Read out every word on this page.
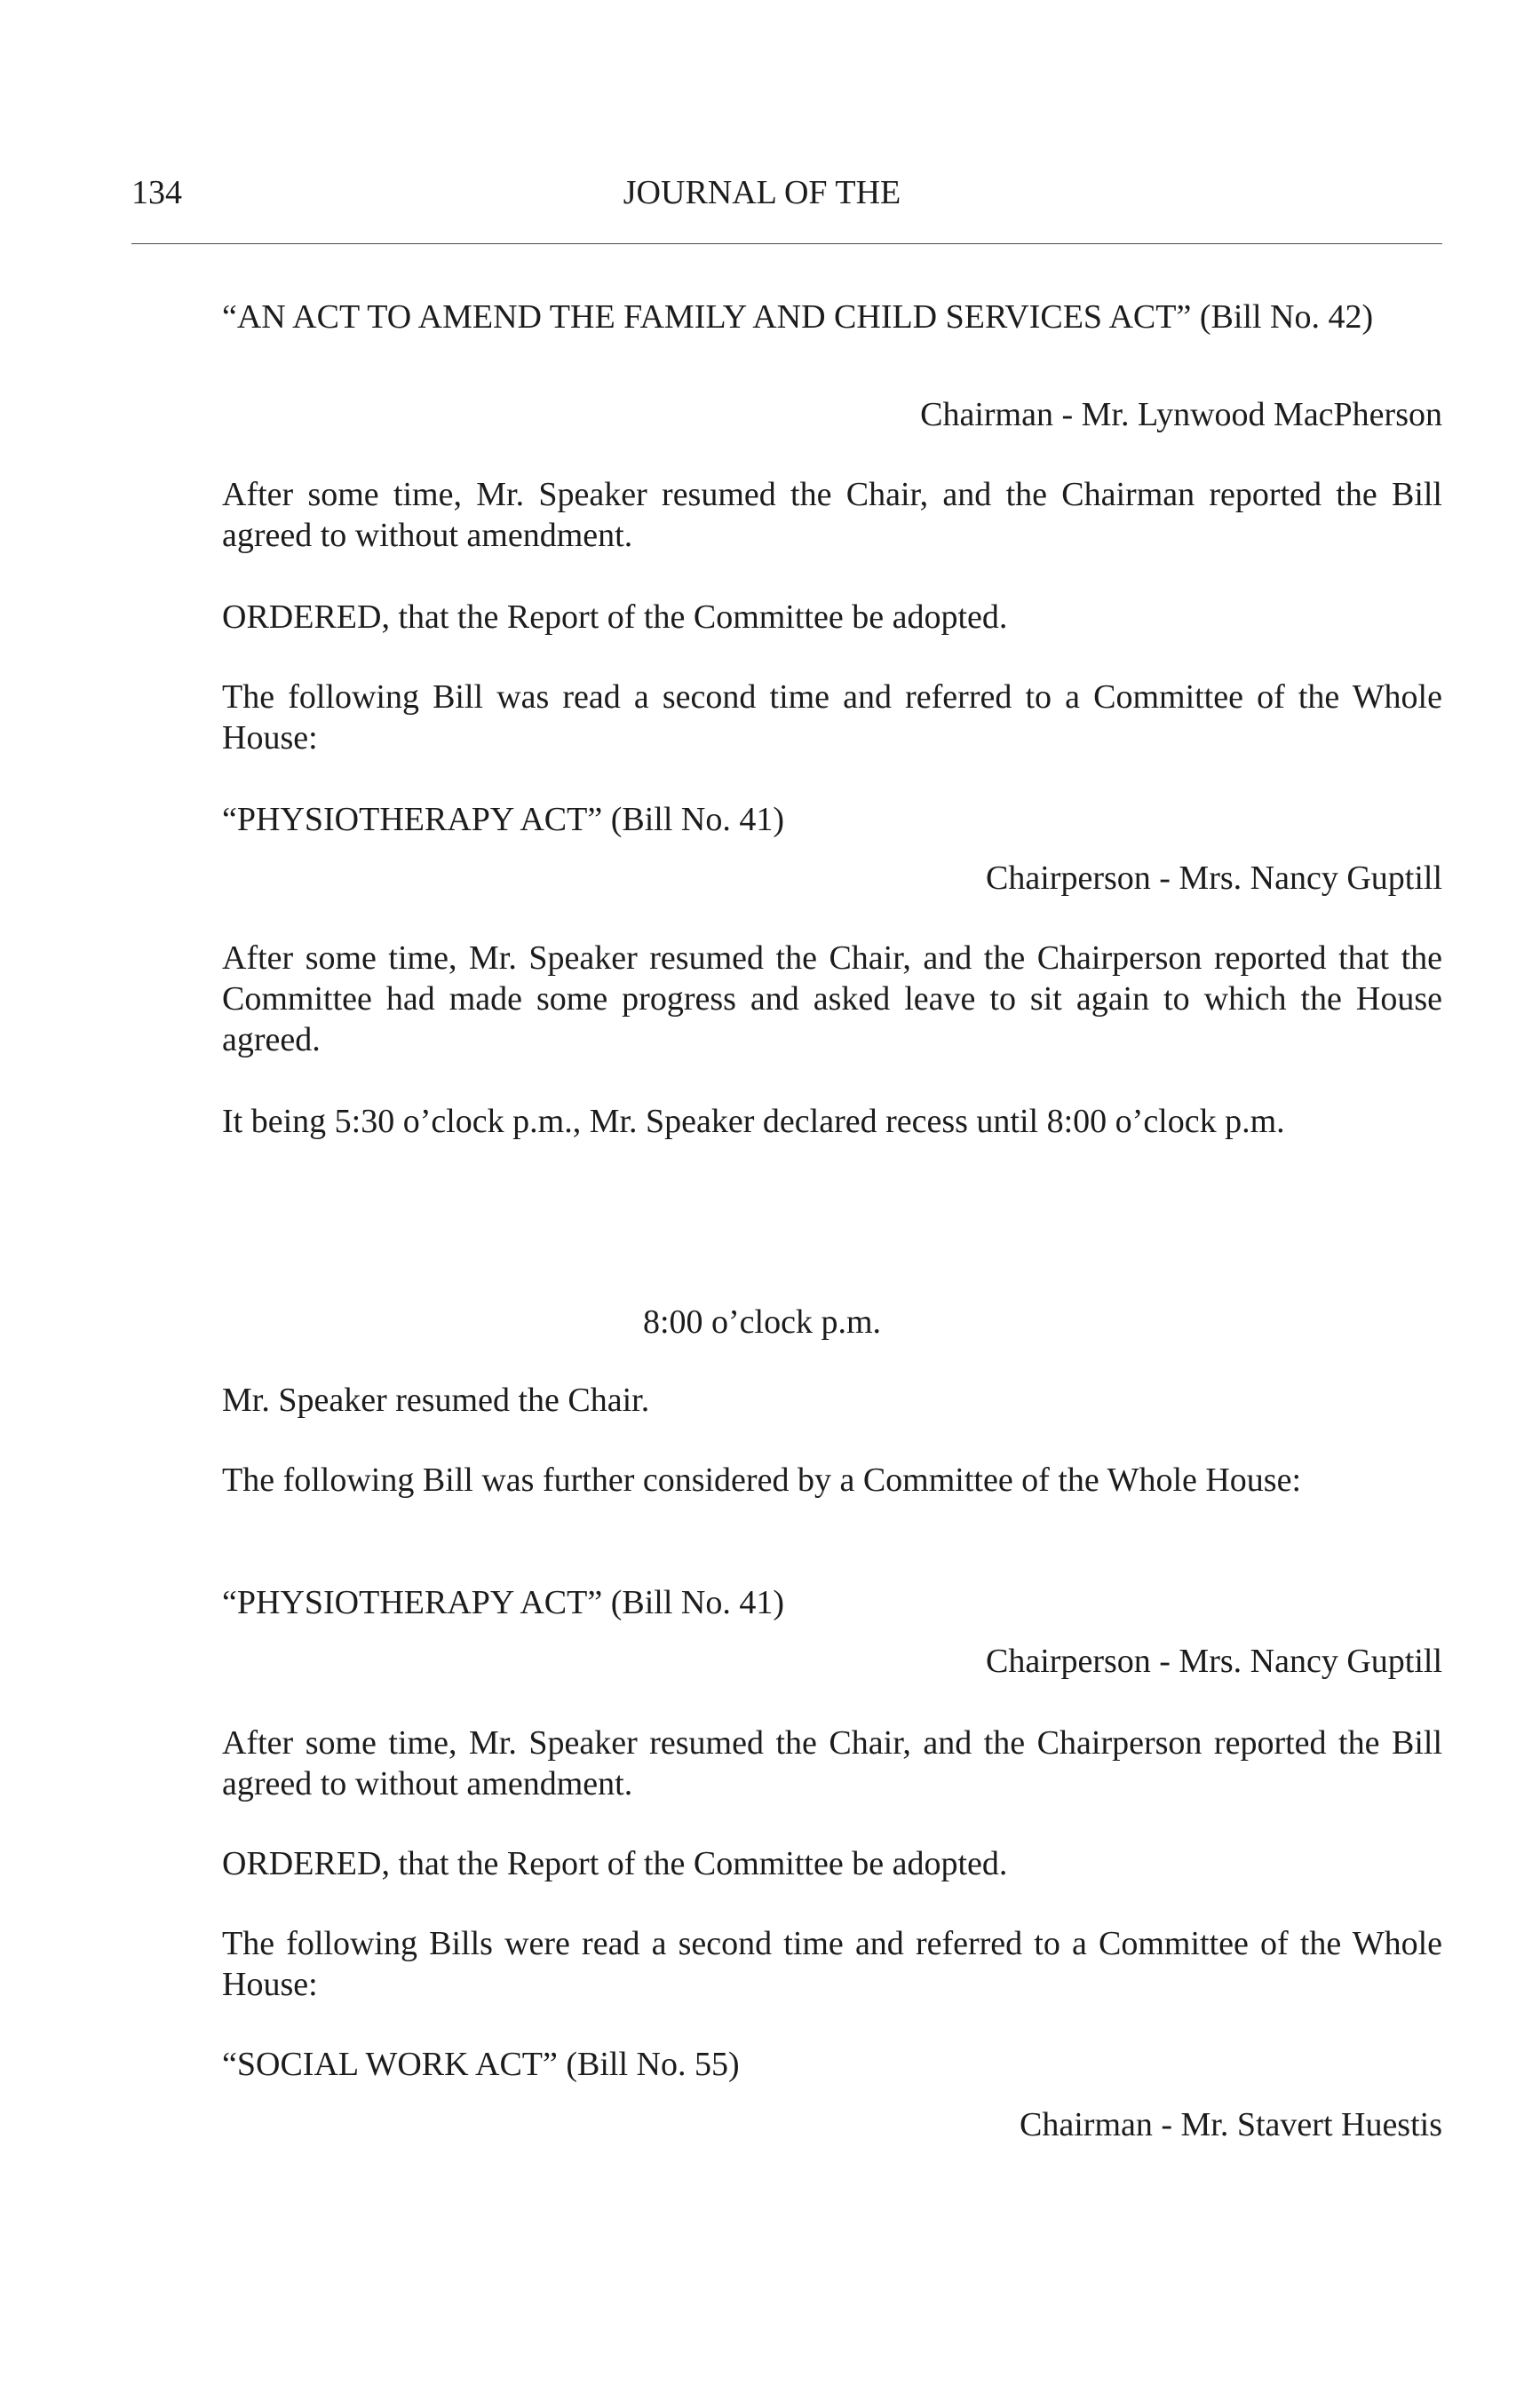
134	JOURNAL OF THE
“AN ACT TO AMEND THE FAMILY AND CHILD SERVICES ACT” (Bill No. 42)
Chairman - Mr. Lynwood MacPherson
After some time, Mr. Speaker resumed the Chair, and the Chairman reported the Bill agreed to without amendment.
ORDERED, that the Report of the Committee be adopted.
The following Bill was read a second time and referred to a Committee of the Whole House:
“PHYSIOTHERAPY ACT” (Bill No. 41)
Chairperson - Mrs. Nancy Guptill
After some time, Mr. Speaker resumed the Chair, and the Chairperson reported that the Committee had made some progress and asked leave to sit again to which the House agreed.
It being 5:30 o’clock p.m., Mr. Speaker declared recess until 8:00 o’clock p.m.
8:00 o’clock p.m.
Mr. Speaker resumed the Chair.
The following Bill was further considered by a Committee of the Whole House:
“PHYSIOTHERAPY ACT” (Bill No. 41)
Chairperson - Mrs. Nancy Guptill
After some time, Mr. Speaker resumed the Chair, and the Chairperson reported the Bill agreed to without amendment.
ORDERED, that the Report of the Committee be adopted.
The following Bills were read a second time and referred to a Committee of the Whole House:
“SOCIAL WORK ACT” (Bill No. 55)
Chairman - Mr. Stavert Huestis
